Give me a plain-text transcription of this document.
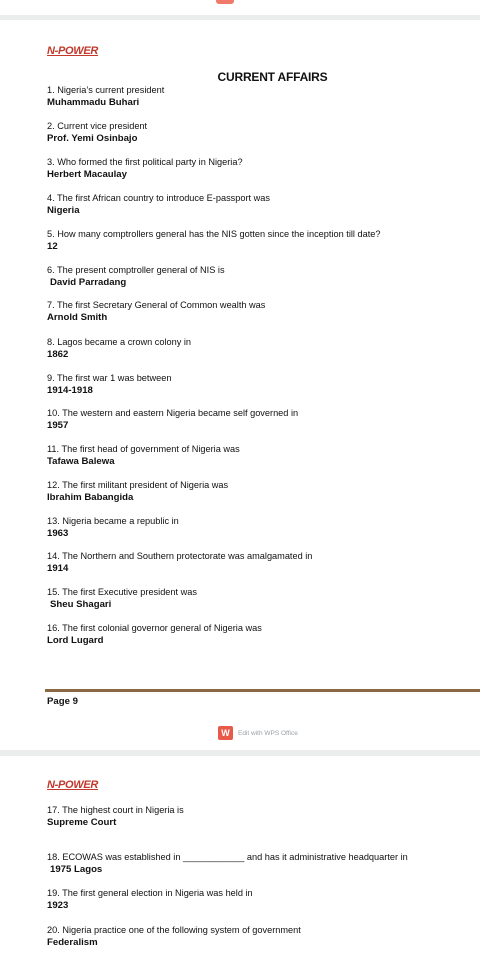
N-POWER
CURRENT AFFAIRS
1. Nigeria’s current president
Muhammadu Buhari
2. Current vice president
Prof. Yemi Osinbajo
3. Who formed the first political party in Nigeria?
Herbert Macaulay
4. The first African country to introduce E-passport was
Nigeria
5. How many comptrollers general has the NIS gotten since the inception till date?
12
6. The present comptroller general of NIS is
David Parradang
7. The first Secretary General of Common wealth was
Arnold Smith
8. Lagos became a crown colony in
1862
9. The first war 1 was between
1914-1918
10. The western and eastern Nigeria became self governed in
1957
11. The first head of government of Nigeria was
Tafawa Balewa
12. The first militant president of Nigeria was
Ibrahim Babangida
13. Nigeria became a republic in
1963
14. The Northern and Southern protectorate was amalgamated in
1914
15. The first Executive president was
Sheu Shagari
16. The first colonial governor general of Nigeria was
Lord Lugard
Page 9
W	Edit with WPS Office
N-POWER
17. The highest court in Nigeria is
Supreme Court
18. ECOWAS was established in ____________ and has it administrative headquarter in
1975 Lagos
19. The first general election in Nigeria was held in
1923
20. Nigeria practice one of the following system of government
Federalism
